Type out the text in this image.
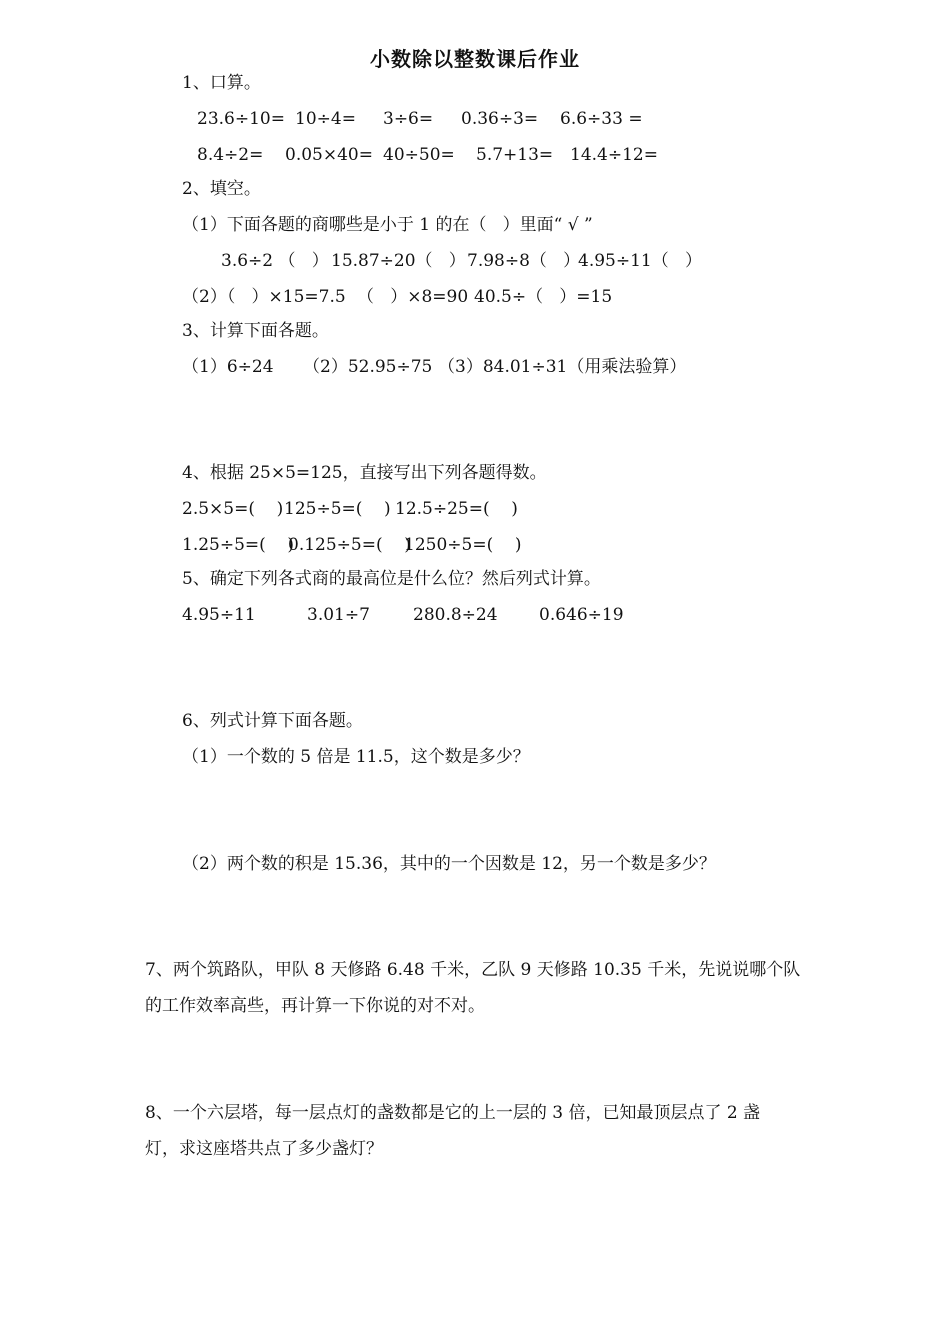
小数除以整数课后作业
1、口算。
23.6÷10= 10÷4= 3÷6= 0.36÷3= 6.6÷33 =
8.4÷2= 0.05×40= 40÷50= 5.7+13= 14.4÷12=
2、填空。
（1）下面各题的商哪些是小于 1 的在（   ）里面“ √ ”
3.6÷2 （   ） 15.87÷20（   ） 7.98÷8（   ）
4.95÷11（   ）
（2）（   ）×15=7.5 （   ）×8=90 40.5÷（   ）=15
3、计算下面各题。
（1）6÷24 （2）52.95÷75 （3）84.01÷31（用乘法验算）
4、根据 25×5=125，直接写出下列各题得数。
2.5×5=(    ) 125÷5=(    ) 12.5÷25=(    )
1.25÷5=(    )
0.125÷5=(    )
1250÷5=(    )
5、确定下列各式商的最高位是什么位？然后列式计算。
4.95÷11	3.01÷7	280.8÷24 0.646÷19
6、列式计算下面各题。
（1）一个数的 5 倍是 11.5，这个数是多少？
（2）两个数的积是 15.36，其中的一个因数是 12，另一个数是多少？
7、两个筑路队，甲队 8 天修路 6.48 千米，乙队 9 天修路 10.35 千米，先说说哪个队
的工作效率高些，再计算一下你说的对不对。
8、一个六层塔，每一层点灯的盏数都是它的上一层的 3 倍，已知最顶层点了 2 盏
灯，求这座塔共点了多少盏灯？
